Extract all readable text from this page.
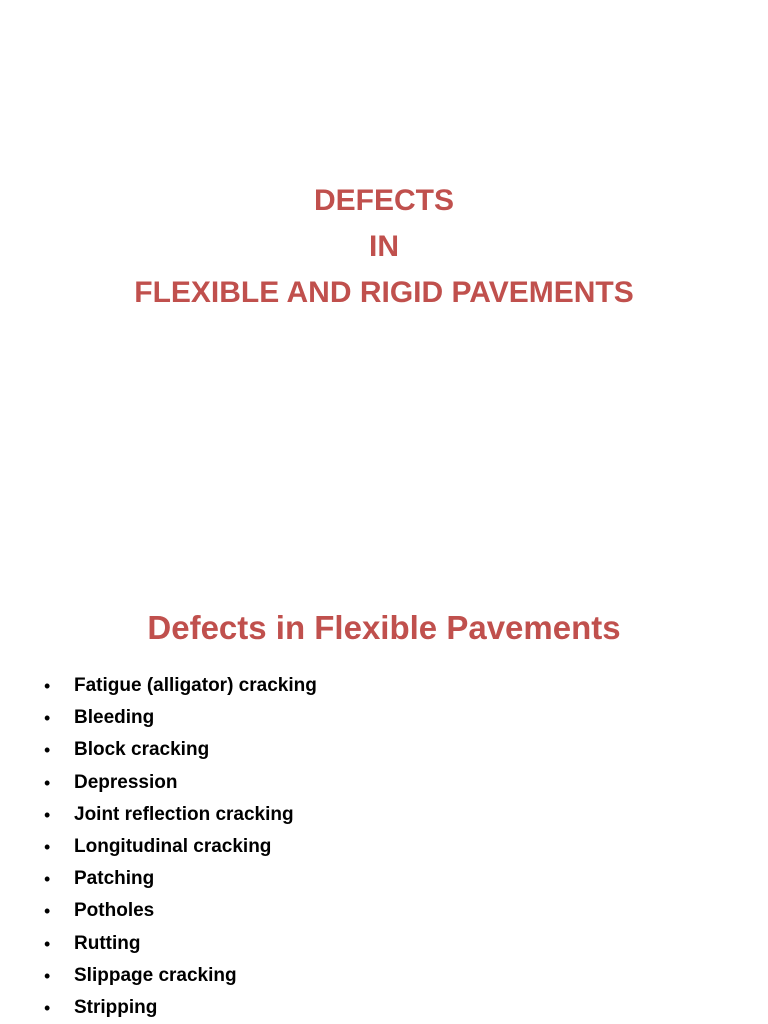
DEFECTS
IN
FLEXIBLE AND RIGID PAVEMENTS
Defects in Flexible Pavements
• Fatigue (alligator) cracking
• Bleeding
• Block cracking
• Depression
• Joint reflection cracking
• Longitudinal cracking
• Patching
• Potholes
• Rutting
• Slippage cracking
• Stripping
